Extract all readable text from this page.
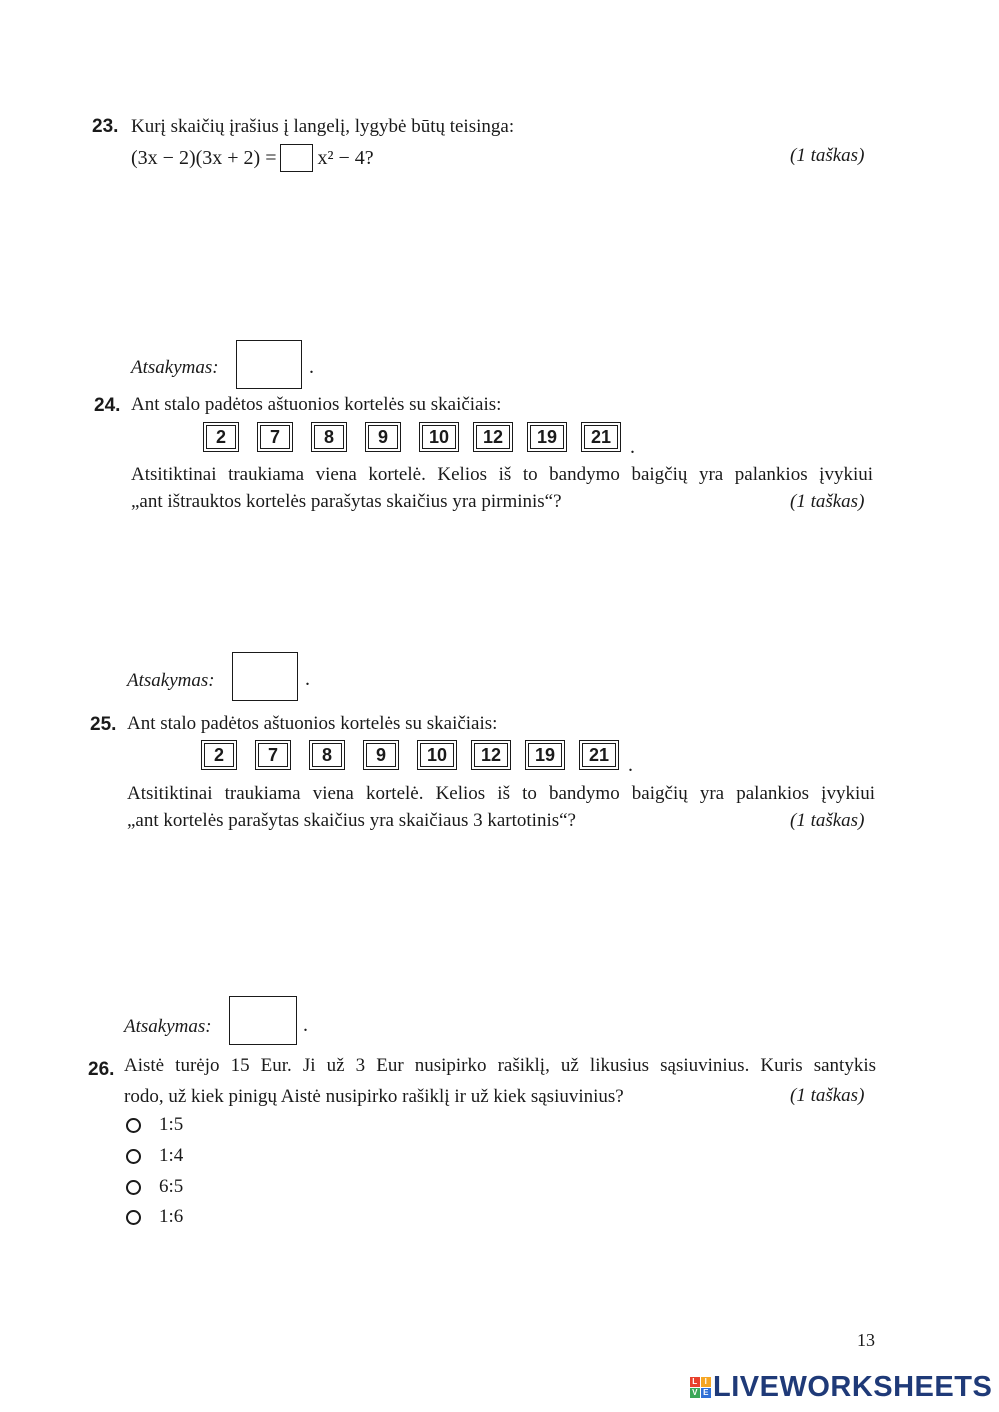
23. Kurį skaičių įrašius į langelį, lygybė būtų teisinga:
(3x − 2)(3x + 2) = x² − 4?	(1 taškas)
Atsakymas:	.
24. Ant stalo padėtos aštuonios kortelės su skaičiais:
2	7	8	9	10	12	19	21 .
Atsitiktinai traukiama viena kortelė. Kelios iš to bandymo baigčių yra palankios įvykiui
„ant ištrauktos kortelės parašytas skaičius yra pirminis“?	(1 taškas)
Atsakymas:	.
25. Ant stalo padėtos aštuonios kortelės su skaičiais:
2	7	8	9	10	12	19	21 .
Atsitiktinai traukiama viena kortelė. Kelios iš to bandymo baigčių yra palankios įvykiui
„ant kortelės parašytas skaičius yra skaičiaus 3 kartotinis“?	(1 taškas)
Atsakymas:	.
26. Aistė turėjo 15 Eur. Ji už 3 Eur nusipirko rašiklį, už likusius sąsiuvinius. Kuris santykis
rodo, už kiek pinigų Aistė nusipirko rašiklį ir už kiek sąsiuvinius?	(1 taškas)
1:5
1:4
6:5
1:6
13
L I
V E LIVEWORKSHEETS
